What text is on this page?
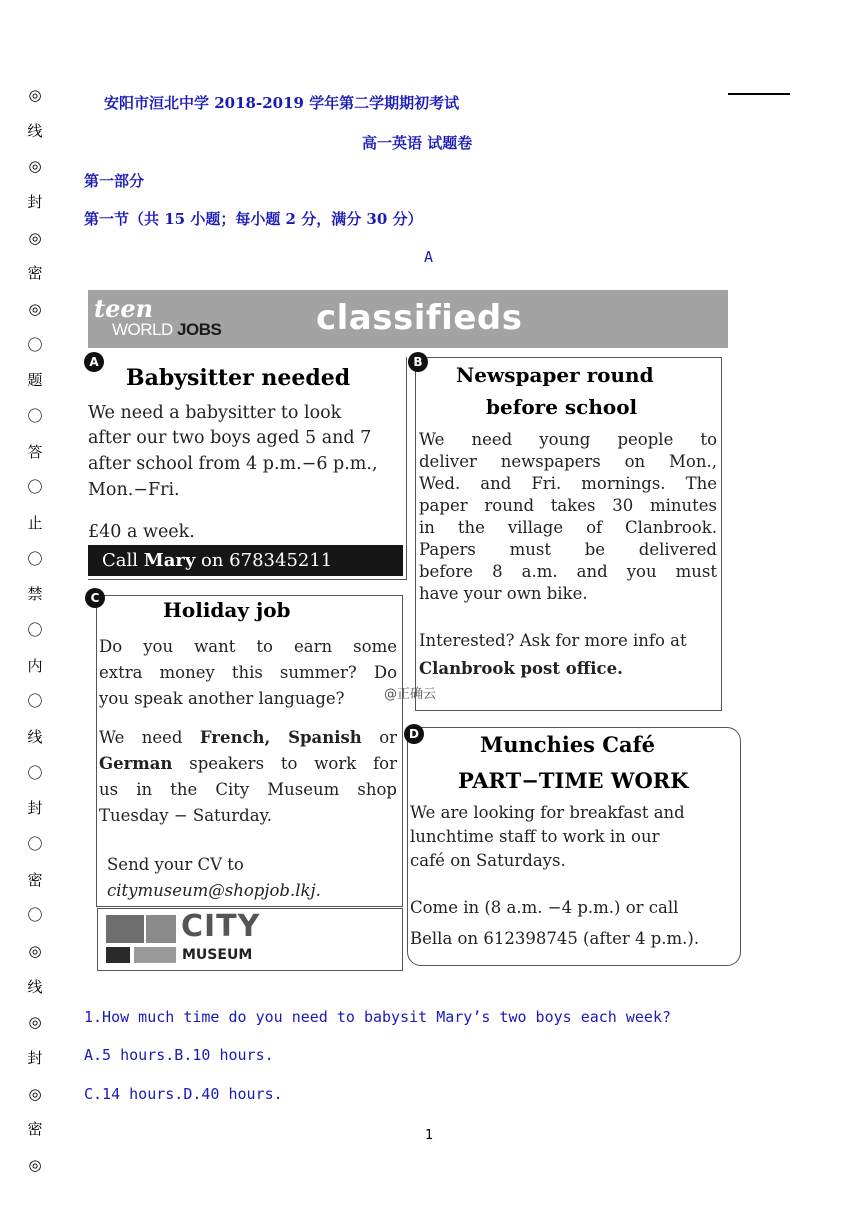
◎
线
◎
封
◎
密
◎
〇
题
〇
答
〇
止
〇
禁
〇
内
〇
线
〇
封
〇
密
〇
◎
线
◎
封
◎
密
◎
安阳市洹北中学 2018-2019 学年第二学期期初考试
高一英语 试题卷
第一部分
第一节（共 15 小题；每小题 2 分，满分 30 分）
A
teen
WORLD JOBS	classifieds
Babysitter needed
We need a babysitter to look
after our two boys aged 5 and 7
after school from 4 p.m.−6 p.m.,
Mon.−Fri.
£40 a week.
Call Mary on 678345211
A
Newspaper round
before school
We need young people to
deliver newspapers on Mon.,
Wed. and Fri. mornings. The
paper round takes 30 minutes
in the village of Clanbrook.
Papers must be delivered
before 8 a.m. and you must
have your own bike.
Interested? Ask for more info at
Clanbrook post office.
B
Holiday job
Do you want to earn some
extra money this summer? Do
you speak another language?
We need French, Spanish or
German speakers to work for
us in the City Museum shop
Tuesday − Saturday.
Send your CV to
citymuseum@shopjob.lkj.
C
CITY
MUSEUM
Munchies Café
PART−TIME WORK
We are looking for breakfast and
lunchtime staff to work in our
café on Saturdays.
Come in (8 a.m. −4 p.m.) or call
Bella on 612398745 (after 4 p.m.).
D
@正确云
1.How much time do you need to babysit Mary’s two boys each week?
A.5 hours.B.10 hours.
C.14 hours.D.40 hours.
1
